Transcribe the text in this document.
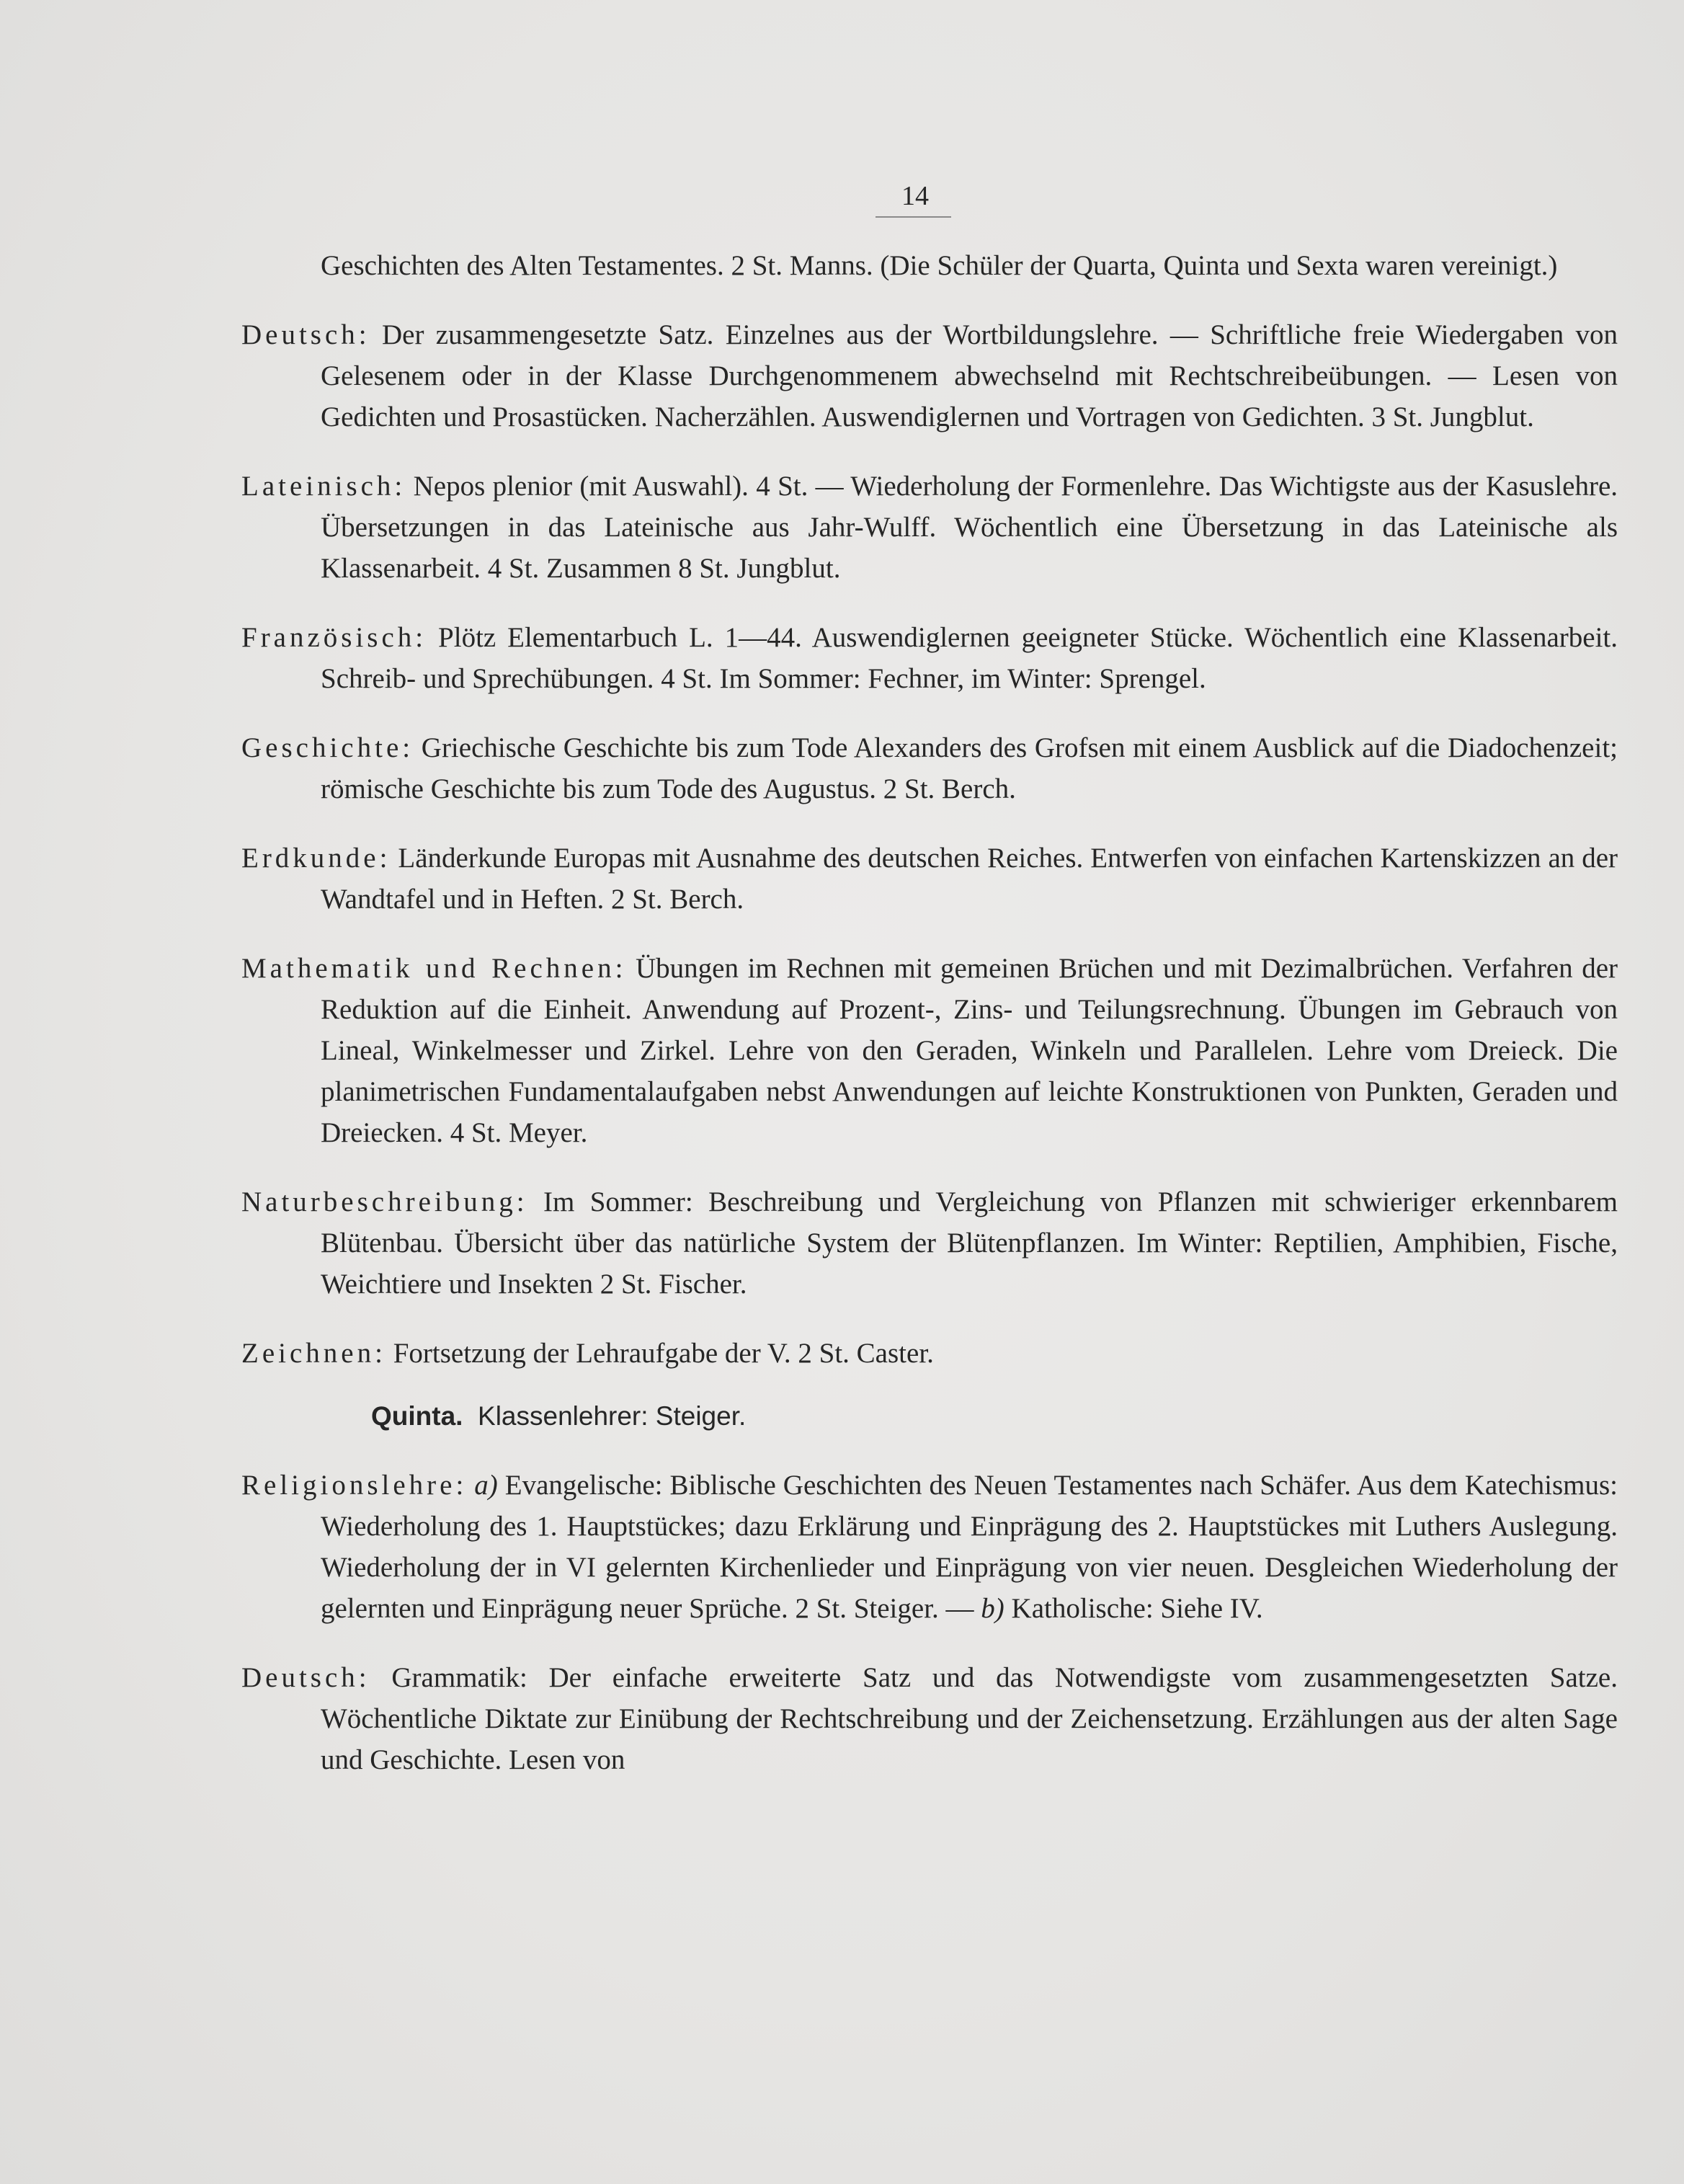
14

Geschichten des Alten Testamentes. 2 St. Manns. (Die Schüler der Quarta, Quinta und Sexta waren vereinigt.)

Deutsch: Der zusammengesetzte Satz. Einzelnes aus der Wortbildungslehre. — Schriftliche freie Wiedergaben von Gelesenem oder in der Klasse Durchgenommenem abwechselnd mit Rechtschreibeübungen. — Lesen von Gedichten und Prosastücken. Nacherzählen. Auswendiglernen und Vortragen von Gedichten. 3 St. Jungblut.

Lateinisch: Nepos plenior (mit Auswahl). 4 St. — Wiederholung der Formenlehre. Das Wichtigste aus der Kasuslehre. Übersetzungen in das Lateinische aus Jahr-Wulff. Wöchentlich eine Übersetzung in das Lateinische als Klassenarbeit. 4 St. Zusammen 8 St. Jungblut.

Französisch: Plötz Elementarbuch L. 1—44. Auswendiglernen geeigneter Stücke. Wöchentlich eine Klassenarbeit. Schreib- und Sprechübungen. 4 St. Im Sommer: Fechner, im Winter: Sprengel.

Geschichte: Griechische Geschichte bis zum Tode Alexanders des Grofsen mit einem Ausblick auf die Diadochenzeit; römische Geschichte bis zum Tode des Augustus. 2 St. Berch.

Erdkunde: Länderkunde Europas mit Ausnahme des deutschen Reiches. Entwerfen von einfachen Kartenskizzen an der Wandtafel und in Heften. 2 St. Berch.

Mathematik und Rechnen: Übungen im Rechnen mit gemeinen Brüchen und mit Dezimalbrüchen. Verfahren der Reduktion auf die Einheit. Anwendung auf Prozent-, Zins- und Teilungsrechnung. Übungen im Gebrauch von Lineal, Winkelmesser und Zirkel. Lehre von den Geraden, Winkeln und Parallelen. Lehre vom Dreieck. Die planimetrischen Fundamentalaufgaben nebst Anwendungen auf leichte Konstruktionen von Punkten, Geraden und Dreiecken. 4 St. Meyer.

Naturbeschreibung: Im Sommer: Beschreibung und Vergleichung von Pflanzen mit schwieriger erkennbarem Blütenbau. Übersicht über das natürliche System der Blütenpflanzen. Im Winter: Reptilien, Amphibien, Fische, Weichtiere und Insekten 2 St. Fischer.

Zeichnen: Fortsetzung der Lehraufgabe der V. 2 St. Caster.

Quinta. Klassenlehrer: Steiger.

Religionslehre: a) Evangelische: Biblische Geschichten des Neuen Testamentes nach Schäfer. Aus dem Katechismus: Wiederholung des 1. Hauptstückes; dazu Erklärung und Einprägung des 2. Hauptstückes mit Luthers Auslegung. Wiederholung der in VI gelernten Kirchenlieder und Einprägung von vier neuen. Desgleichen Wiederholung der gelernten und Einprägung neuer Sprüche. 2 St. Steiger. — b) Katholische: Siehe IV.

Deutsch: Grammatik: Der einfache erweiterte Satz und das Notwendigste vom zusammengesetzten Satze. Wöchentliche Diktate zur Einübung der Rechtschreibung und der Zeichensetzung. Erzählungen aus der alten Sage und Geschichte. Lesen von
